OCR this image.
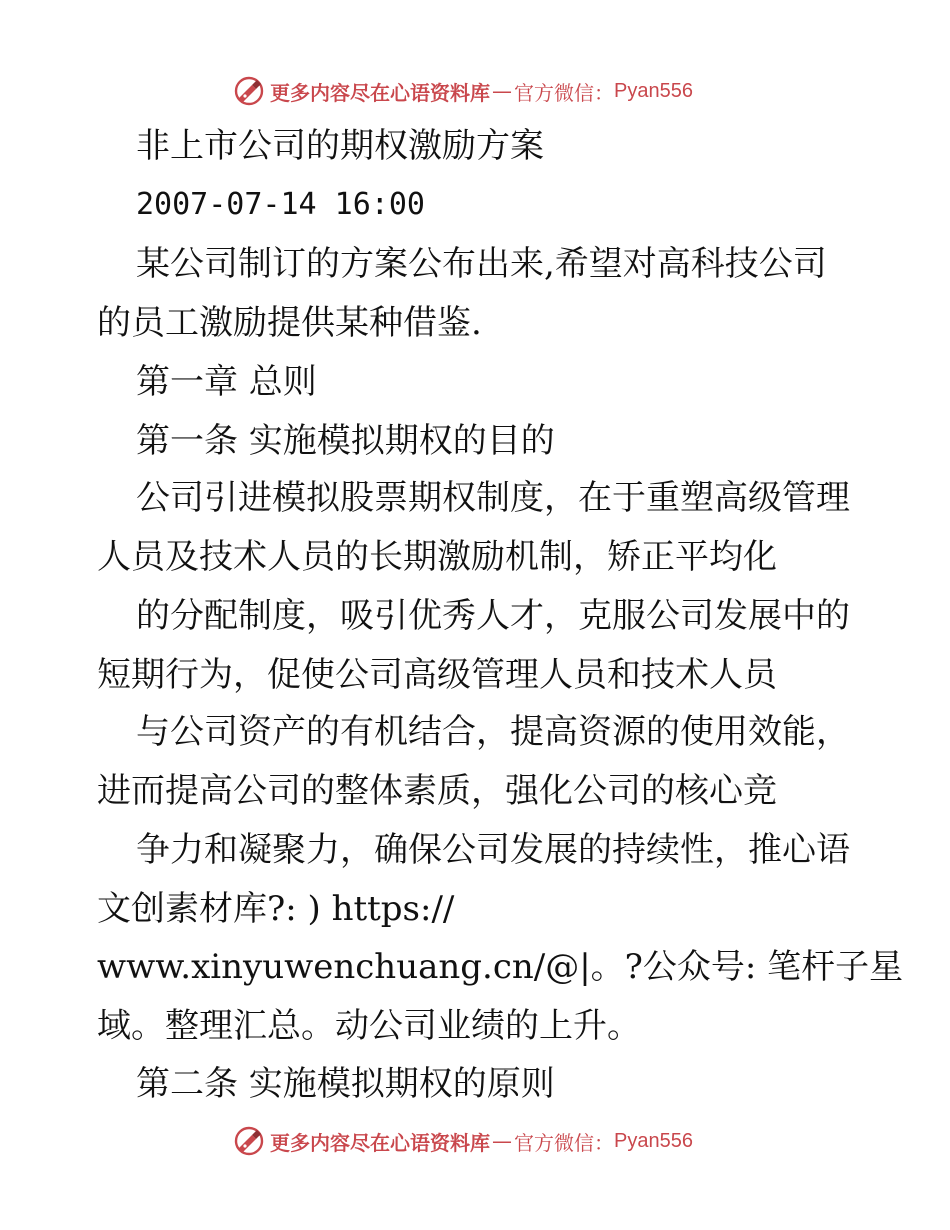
更多内容尽在心语资料库 — 官方微信： Pyan556
非上市公司的期权激励方案
2007-07-14 16:00
某公司制订的方案公布出来,希望对高科技公司
的员工激励提供某种借鉴.
第一章 总则
第一条 实施模拟期权的目的
公司引进模拟股票期权制度，在于重塑高级管理
人员及技术人员的长期激励机制，矫正平均化
的分配制度，吸引优秀人才，克服公司发展中的
短期行为，促使公司高级管理人员和技术人员
与公司资产的有机结合，提高资源的使用效能，
进而提高公司的整体素质，强化公司的核心竞
争力和凝聚力，确保公司发展的持续性，推心语
文创素材库?: ) https://
www.xinyuwenchuang.cn/@|。?公众号: 笔杆子星
域。整理汇总。动公司业绩的上升。
第二条 实施模拟期权的原则
更多内容尽在心语资料库 — 官方微信： Pyan556
